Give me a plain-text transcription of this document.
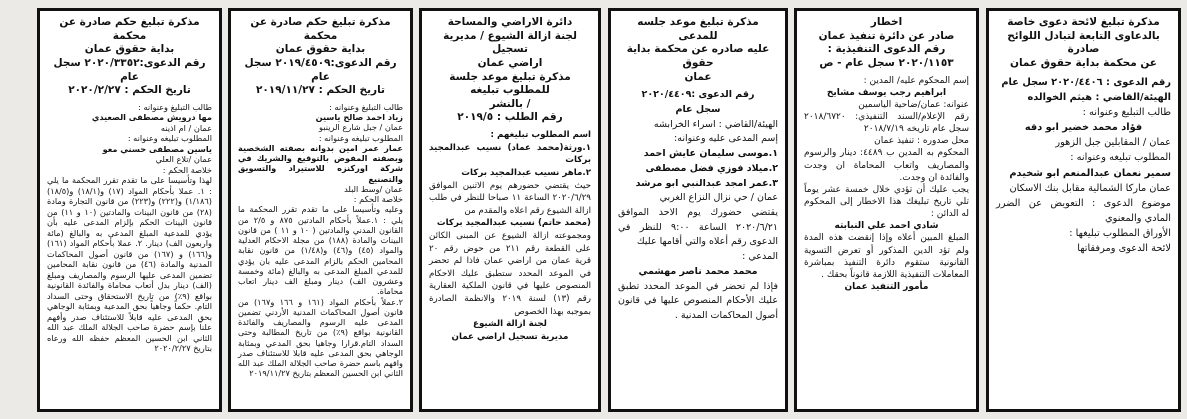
مذكرة تبليغ لائحة دعوى خاصة
بالدعاوى التابعة لتبادل اللوائح صادرة
عن محكمة بداية حقوق عمان
رقم الدعوى : ٢٠٢٠/٤٤٠٦ سجل عام
الهيئة/القاضي : هيثم الخوالده
طالب التبليغ وعنوانه :
فؤاد محمد خضير ابو دقه
عمان / المقابلين جبل الزهور
المطلوب تبليغه وعنوانه :
سمير نعمان عبدالمنعم ابو شخيدم
عمان ماركا الشمالية مقابل بنك الاسكان
موضوع الدعوى : التعويض عن الضرر المادي والمعنوي
الأوراق المطلوب تبليغها :
لائحة الدعوى ومرفقاتها
اخطار
صادر عن دائرة تنفيذ عمان
رقم الدعوى التنفيذية :
٢٠٢٠/١١٥٣ سجل عام - ص
إسم المحكوم عليه/ المدين :
ابراهيم رجب يوسف مشايخ
عنوانه: عمان/ضاحية الياسمين
رقم الإعلام/السند التنفيذي: ٢٠١٨/٦٧٢٠ سجل عام تاريخه ٢٠١٨/٧/١٩
محل صدوره : تنفيذ عمان
المحكوم به المدين ب ٤٤٨٩: دينار والرسوم والمصاريف واتعاب المحاماة ان وجدت والفائدة ان وجدت.
يجب عليك أن تؤدي خلال خمسة عشر يوماً تلي تاريخ تبليغك هذا الاخطار إلى المحكوم له الدائن :
شادي احمد علي النبابته
المبلغ المبين أعلاه وإذا إنقضت هذه المدة ولم تؤد الدين المذكور أو تعرض التسوية القانونية ستقوم دائرة التنفيذ بمباشرة المعاملات التنفيذية اللازمة قانوناً بحقك .
مأمور التنفيذ عمان
مذكرة تبليغ موعد جلسه للمدعى
عليه صادره عن محكمة بداية حقوق
عمان
رقم الدعوى :٢٠٢٠/٤٤٠٩
سجل عام
الهيئة/القاضي : اسراء الخرابشه
إسم المدعى عليه وعنوانه:
١.موسى سليمان عايش احمد
٢.ميلاد فوزي فضل مصطفى
٣.عمر امجد عبدالنبي ابو مرشد
عمان / حي نزال النزاع الغربي
يقتضي حضورك يوم الاحد الموافق ٢٠٢٠/٦/٢١ الساعة ٩:٠٠ للنظر في الدعوى رقم أعلاه والتي أقامها عليك
المدعي :
محمد محمد ناصر مهشمي
فإذا لم تحضر في الموعد المحدد تطبق عليك الأحكام المنصوص عليها في قانون أصول المحاكمات المدنية .
دائرة الاراضي والمساحة
لجنة ازالة الشيوع / مديرية تسجيل
اراضي عمان
مذكرة تبليغ موعد جلسة للمطلوب تبليغه
/ بالنشر
رقم الطلب : ٢٠١٩/٥
اسم المطلوب تبليغهم :
١.ورثة(محمد عماد) نسيب عبدالمجيد بركات
٢.ماهر نسيب عبدالمجيد بركات
حيث يقتضي حضورهم يوم الاثنين الموافق ٢٠٢٠/٦/٢٩ الساعة ١١ صباحا للنظر في طلب ازالة الشيوع رقم اعلاه والمقدم من
(محمد حاتم) نسيب عبدالمجيد بركات
ومجموعته ازالة الشيوع عن المبنى الكائن على القطعة رقم ٢١١ من حوض رقم ٢٠ قرية عمان من اراضي عمان فاذا لم تحضر في الموعد المحدد ستطبق عليك الاحكام المنصوص عليها في قانون الملكية العقارية رقم (١٣) لسنة ٢٠١٩ والانظمة الصادرة بموجبه بهذا الخصوص
لجنة ازالة الشيوع
مديرية تسجيل اراضي عمان
مذكرة تبليغ حكم صادرة عن محكمة
بداية حقوق عمان
رقم الدعوى:٢٠١٩/٤٥٠٩ سجل عام
تاريخ الحكم : ٢٠١٩/١١/٢٧
طالب التبليغ وعنوانه :
زياد احمد صالح ياسين
عمان / جبل شارع الرينبو
المطلوب تبليغه وعنوانه :
عمار عمر امين بدوانه بصفته الشخصية وبصفته المفوض بالتوقيع والشريك في شركة اوركنزه للاستيراد والتسويق والتصنيع
عمان /وسط البلد
خلاصة الحكم :
وعليه وتأسيسا على ما تقدم تقرر المحكمة ما يلي : ١.عملاً بأحكام المادتين ٨٧٥ و ٢/٥ من القانون المدني والمادتين ( ١٠ و ١١ ) من قانون البينات والمادة (١٨٨) من مجلة الاحكام العدلية والمواد (٤٥) و(٤٦) و(١/٤٨) من قانون نقابة المحامين الحكم بالزام المدعى عليه بان يؤدي للمدعي المبلغ المدعى به والبالغ (مائة وخمسة وعشرون الف) دينار ومبلغ الف دينار اتعاب محاماة.
٢.عملاً بأحكام المواد (١٦١ و ١٦٦ و١٦٧) من قانون أصول المحاكمات المدنية الأردني تضمين المدعى عليه الرسوم والمصاريف والفائدة القانونية بواقع (٩٪) من تاريخ المطالبة وحتى السداد التام.قرارا وجاهيا بحق المدعي وبمثابة الوجاهي بحق المدعى عليه قابلا للاستئناف صدر وافهم باسم حضرة صاحب الجلالة الملك عبد الله الثاني ابن الحسين المعظم بتاريخ ٢٠١٩/١١/٢٧
مذكرة تبليغ حكم صادرة عن محكمة
بداية حقوق عمان
رقم الدعوى:٢٠٢٠/٣٣٥٢ سجل عام
تاريخ الحكم : ٢٠٢٠/٢/٢٧
طالب التبليغ وعنوانه :
مها درويش مصطفى الصعيدي
عمان / ام اذينه
المطلوب تبليغه وعنوانه :
ياسين مصطفى حسني معو
عمان /تلاع العلي
خلاصة الحكم :
لهذا وتأسيسا على ما تقدم تقرر المحكمة ما يلي : ١. عملا بأحكام المواد (١٧) و(١٨/١) و(١٨/٥) (١/١٨٦) و(٢٢٢) و(٢٢٣) من قانون التجارة ومادة (٢٨) من قانون البينات والمادتين (١٠ و ١١) من قانون البينات الحكم بإلزام المدعى عليه بأن يؤدي للمدعية المبلغ المدعى به والبالغ (مائة واربعون الف) دينار. ٢. عملا بأحكام المواد (١٦١) و(١٦٦) و (١٦٧) من قانون أصول المحاكمات المدنية والمادة (٤٦) من قانون نقابة المحامين تضمين المدعى عليها الرسوم والمصاريف ومبلغ (الف) دينار بدل أتعاب محاماة والفائدة القانونية بواقع (٩٪) من تاريخ الاستحقاق وحتى السداد التام. حكماً وجاهياً بحق المدعية وبمثابة الوجاهي بحق المدعى عليه قابلاً للاستئناف صدر وأفهم علناً بإسم حضرة صاحب الجلالة الملك عبد الله الثاني ابن الحسين المعظم حفظه الله ورعاه بتاريخ ٢٠٢٠/٢/٢٧
